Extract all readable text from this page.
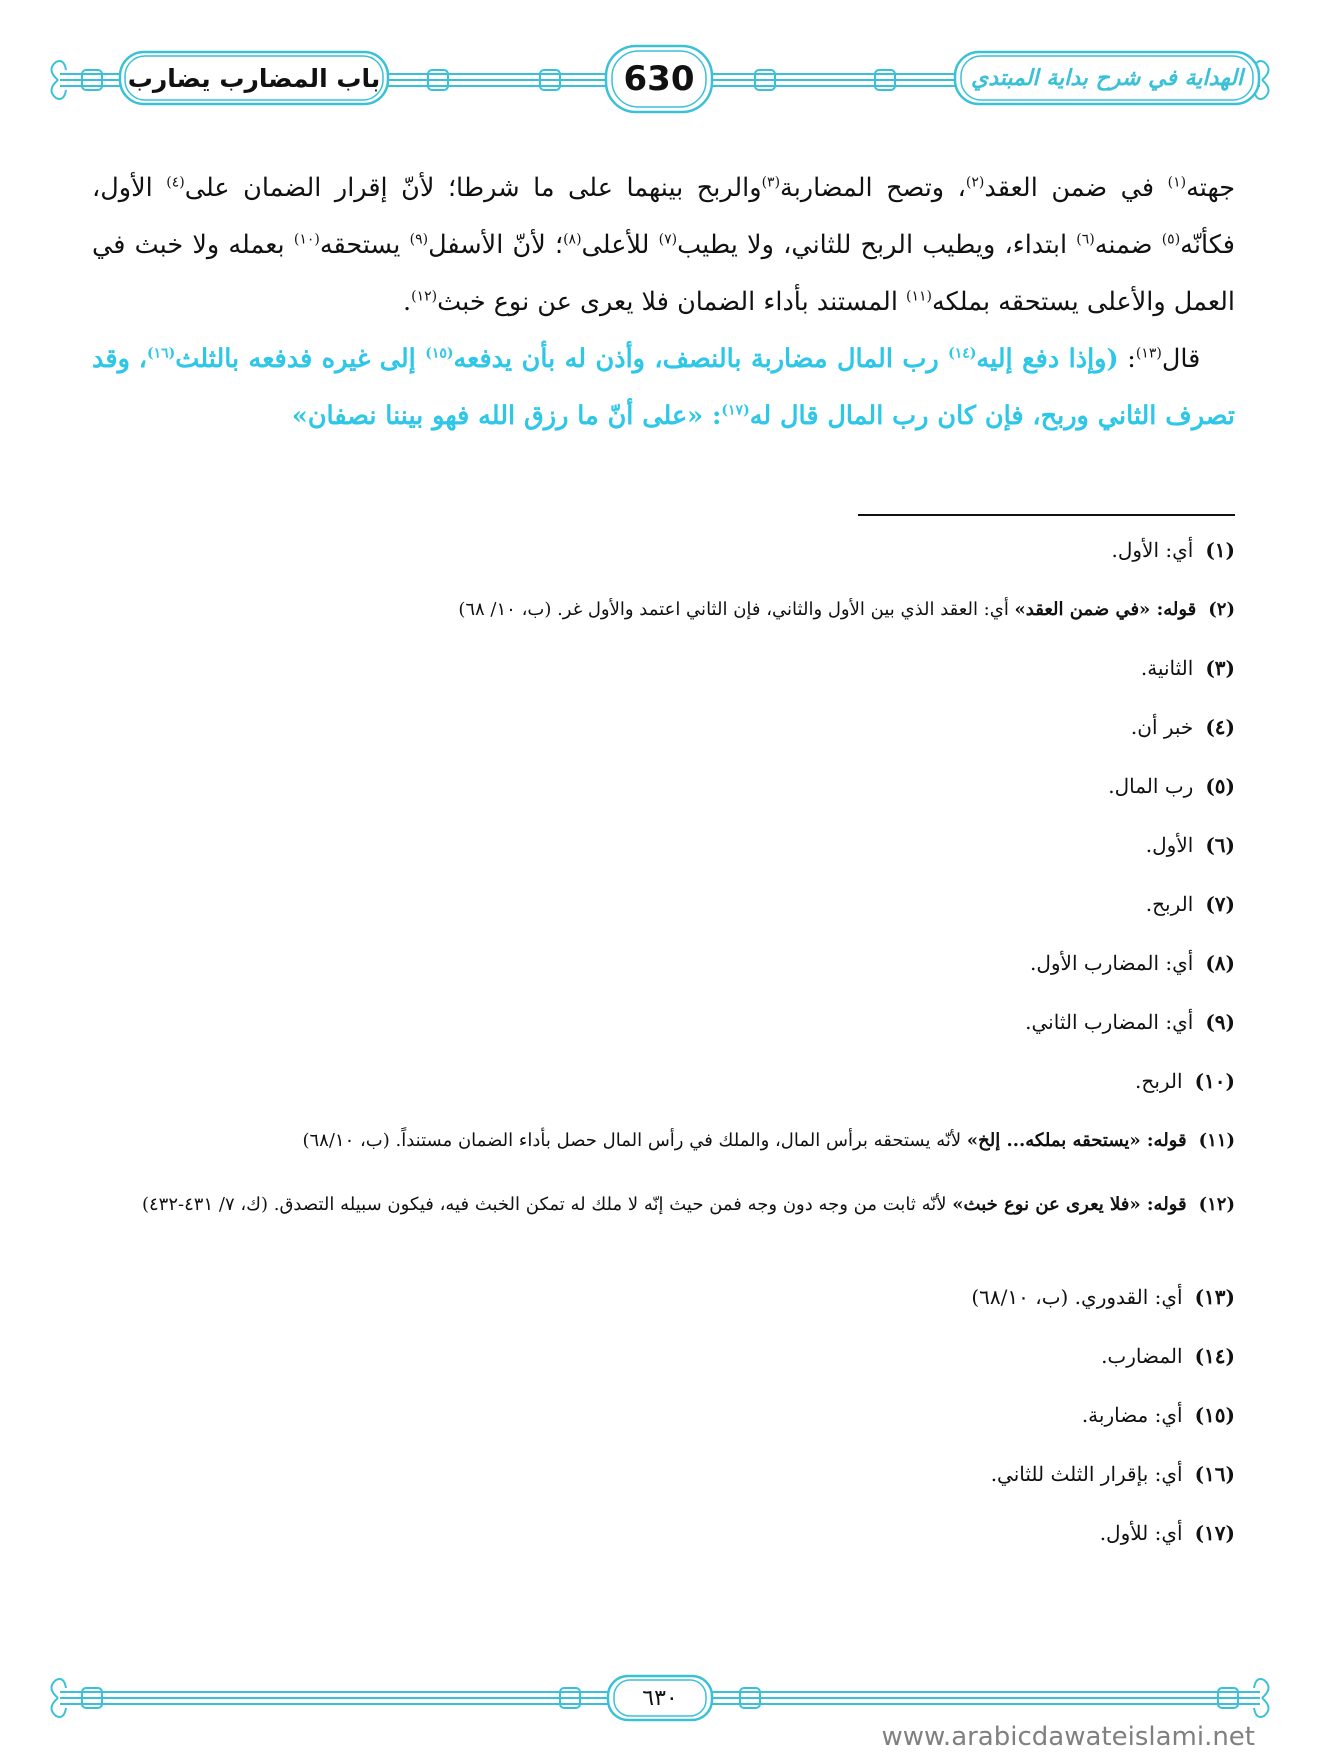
باب المضارب يضارب	630	الهداية في شرح بداية المبتدي

جهته$^{(١)}$ في ضمن العقد$^{(٢)}$، وتصح المضاربة$^{(٣)}$والربح بينهما على ما شرطا؛ لأنّ إقرار الضمان على$^{(٤)}$ الأول، فكأنّه$^{(٥)}$ ضمنه$^{(٦)}$ ابتداء، ويطيب الربح للثاني، ولا يطيب$^{(٧)}$ للأعلى$^{(٨)}$؛ لأنّ الأسفل$^{(٩)}$ يستحقه$^{(١٠)}$ بعمله ولا خبث في العمل والأعلى يستحقه بملكه$^{(١١)}$ المستند بأداء الضمان فلا يعرى عن نوع خبث$^{(١٢)}$.

قال$^{(١٣)}$: (وإذا دفع إليه$^{(١٤)}$ رب المال مضاربة بالنصف، وأذن له بأن يدفعه$^{(١٥)}$ إلى غيره فدفعه بالثلث$^{(١٦)}$، وقد تصرف الثاني وربح، فإن كان رب المال قال له$^{(١٧)}$: «على أنّ ما رزق الله فهو بيننا نصفان»

(١)
أي: الأول.
(٢)
قوله: «في ضمن العقد» أي: العقد الذي بين الأول والثاني، فإن الثاني اعتمد والأول غر. (ب، ١٠/ ٦٨)
(٣)
الثانية.
(٤)
خبر أن.
(٥)
رب المال.
(٦)
الأول.
(٧)
الربح.
(٨)
أي: المضارب الأول.
(٩)
أي: المضارب الثاني.
(١٠)
الربح.
(١١)
قوله: «يستحقه بملكه... إلخ» لأنّه يستحقه برأس المال، والملك في رأس المال حصل بأداء الضمان مستنداً. (ب، ٦٨/١٠)
(١٢)
قوله: «فلا يعرى عن نوع خبث» لأنّه ثابت من وجه دون وجه فمن حيث إنّه لا ملك له تمكن الخبث فيه، فيكون سبيله التصدق. (ك، ٧/ ٤٣١-٤٣٢)
(١٣)
أي: القدوري. (ب، ٦٨/١٠)
(١٤)
المضارب.
(١٥)
أي: مضاربة.
(١٦)
أي: بإقرار الثلث للثاني.
(١٧)
أي: للأول.
٦٣٠
www.arabicdawateislami.net
